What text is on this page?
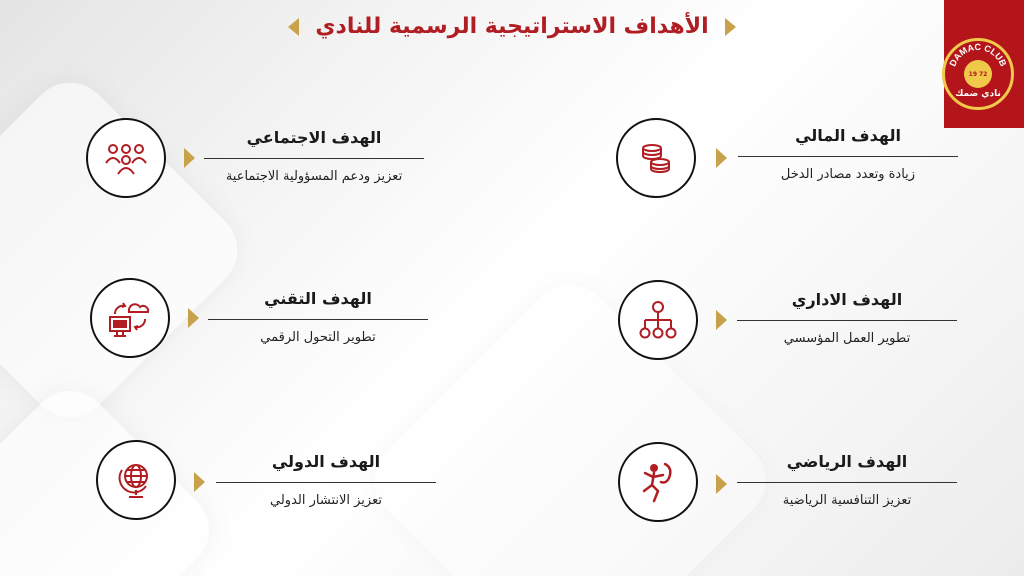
الأهداف الاستراتيجية الرسمية للنادي
DAMAC CLUB
19 72
نادي ضمك
الهدف الاجتماعي
تعزيز ودعم المسؤولية الاجتماعية
الهدف المالي
زيادة وتعدد مصادر الدخل
الهدف التقني
تطوير التحول الرقمي
الهدف الاداري
تطوير العمل المؤسسي
الهدف الدولي
تعزيز الانتشار الدولي
الهدف الرياضي
تعزيز التنافسية الرياضية
